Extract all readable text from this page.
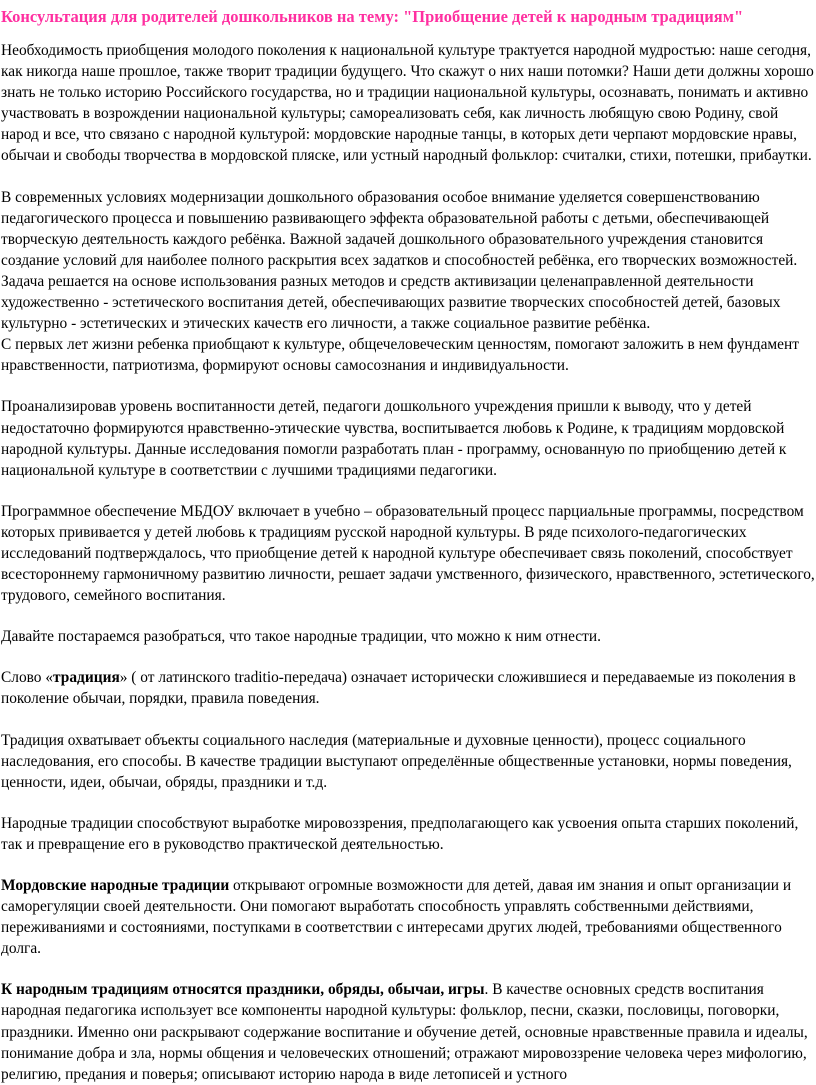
Консультация для родителей дошкольников на тему: "Приобщение детей к народным традициям"

Необходимость приобщения молодого поколения к национальной культуре трактуется народной мудростью: наше сегодня, как никогда наше прошлое, также творит традиции будущего. Что скажут о них наши потомки? Наши дети должны хорошо знать не только историю Российского государства, но и традиции национальной культуры, осознавать, понимать и активно участвовать в возрождении национальной культуры; самореализовать себя, как личность любящую свою Родину, свой народ и все, что связано с народной культурой: мордовские народные танцы, в которых дети черпают мордовские нравы, обычаи и свободы творчества в мордовской пляске, или устный народный фольклор: считалки, стихи, потешки, прибаутки.

В современных условиях модернизации дошкольного образования особое внимание уделяется совершенствованию педагогического процесса и повышению развивающего эффекта образовательной работы с детьми, обеспечивающей творческую деятельность каждого ребёнка. Важной задачей дошкольного образовательного учреждения становится создание условий для наиболее полного раскрытия всех задатков и способностей ребёнка, его творческих возможностей. Задача решается на основе использования разных методов и средств активизации целенаправленной деятельности художественно - эстетического воспитания детей, обеспечивающих развитие творческих способностей детей, базовых культурно - эстетических и этических качеств его личности, а также социальное развитие ребёнка.

С первых лет жизни ребенка приобщают к культуре, общечеловеческим ценностям, помогают заложить в нем фундамент нравственности, патриотизма, формируют основы самосознания и индивидуальности.

Проанализировав уровень воспитанности детей, педагоги дошкольного учреждения пришли к выводу, что у детей недостаточно формируются нравственно-этические чувства, воспитывается любовь к Родине, к традициям мордовской народной культуры. Данные исследования помогли разработать план - программу, основанную по приобщению детей к национальной культуре в соответствии с лучшими традициями педагогики.

Программное обеспечение МБДОУ включает в учебно – образовательный процесс парциальные программы, посредством которых прививается у детей любовь к традициям русской народной культуры. В ряде психолого-педагогических исследований подтверждалось, что приобщение детей к народной культуре обеспечивает связь поколений, способствует всестороннему гармоничному развитию личности, решает задачи умственного, физического, нравственного, эстетического, трудового, семейного воспитания.

Давайте постараемся разобраться, что такое народные традиции, что можно к ним отнести.

Слово «традиция» ( от латинского traditio-передача) означает исторически сложившиеся и передаваемые из поколения в поколение обычаи, порядки, правила поведения.

Традиция охватывает объекты социального наследия (материальные и духовные ценности), процесс социального наследования, его способы. В качестве традиции выступают определённые общественные установки, нормы поведения, ценности, идеи, обычаи, обряды, праздники и т.д.

Народные традиции способствуют выработке мировоззрения, предполагающего как усвоения опыта старших поколений, так и превращение его в руководство практической деятельностью.

Мордовские народные традиции открывают огромные возможности для детей, давая им знания и опыт организации и саморегуляции своей деятельности. Они помогают выработать способность управлять собственными действиями, переживаниями и состояниями, поступками в соответствии с интересами других людей, требованиями общественного долга.

К народным традициям относятся праздники, обряды, обычаи, игры. В качестве основных средств воспитания народная педагогика использует все компоненты народной культуры: фольклор, песни, сказки, пословицы, поговорки, праздники. Именно они раскрывают содержание воспитание и обучение детей, основные нравственные правила и идеалы, понимание добра и зла, нормы общения и человеческих отношений; отражают мировоззрение человека через мифологию, религию, предания и поверья; описывают историю народа в виде летописей и устного
